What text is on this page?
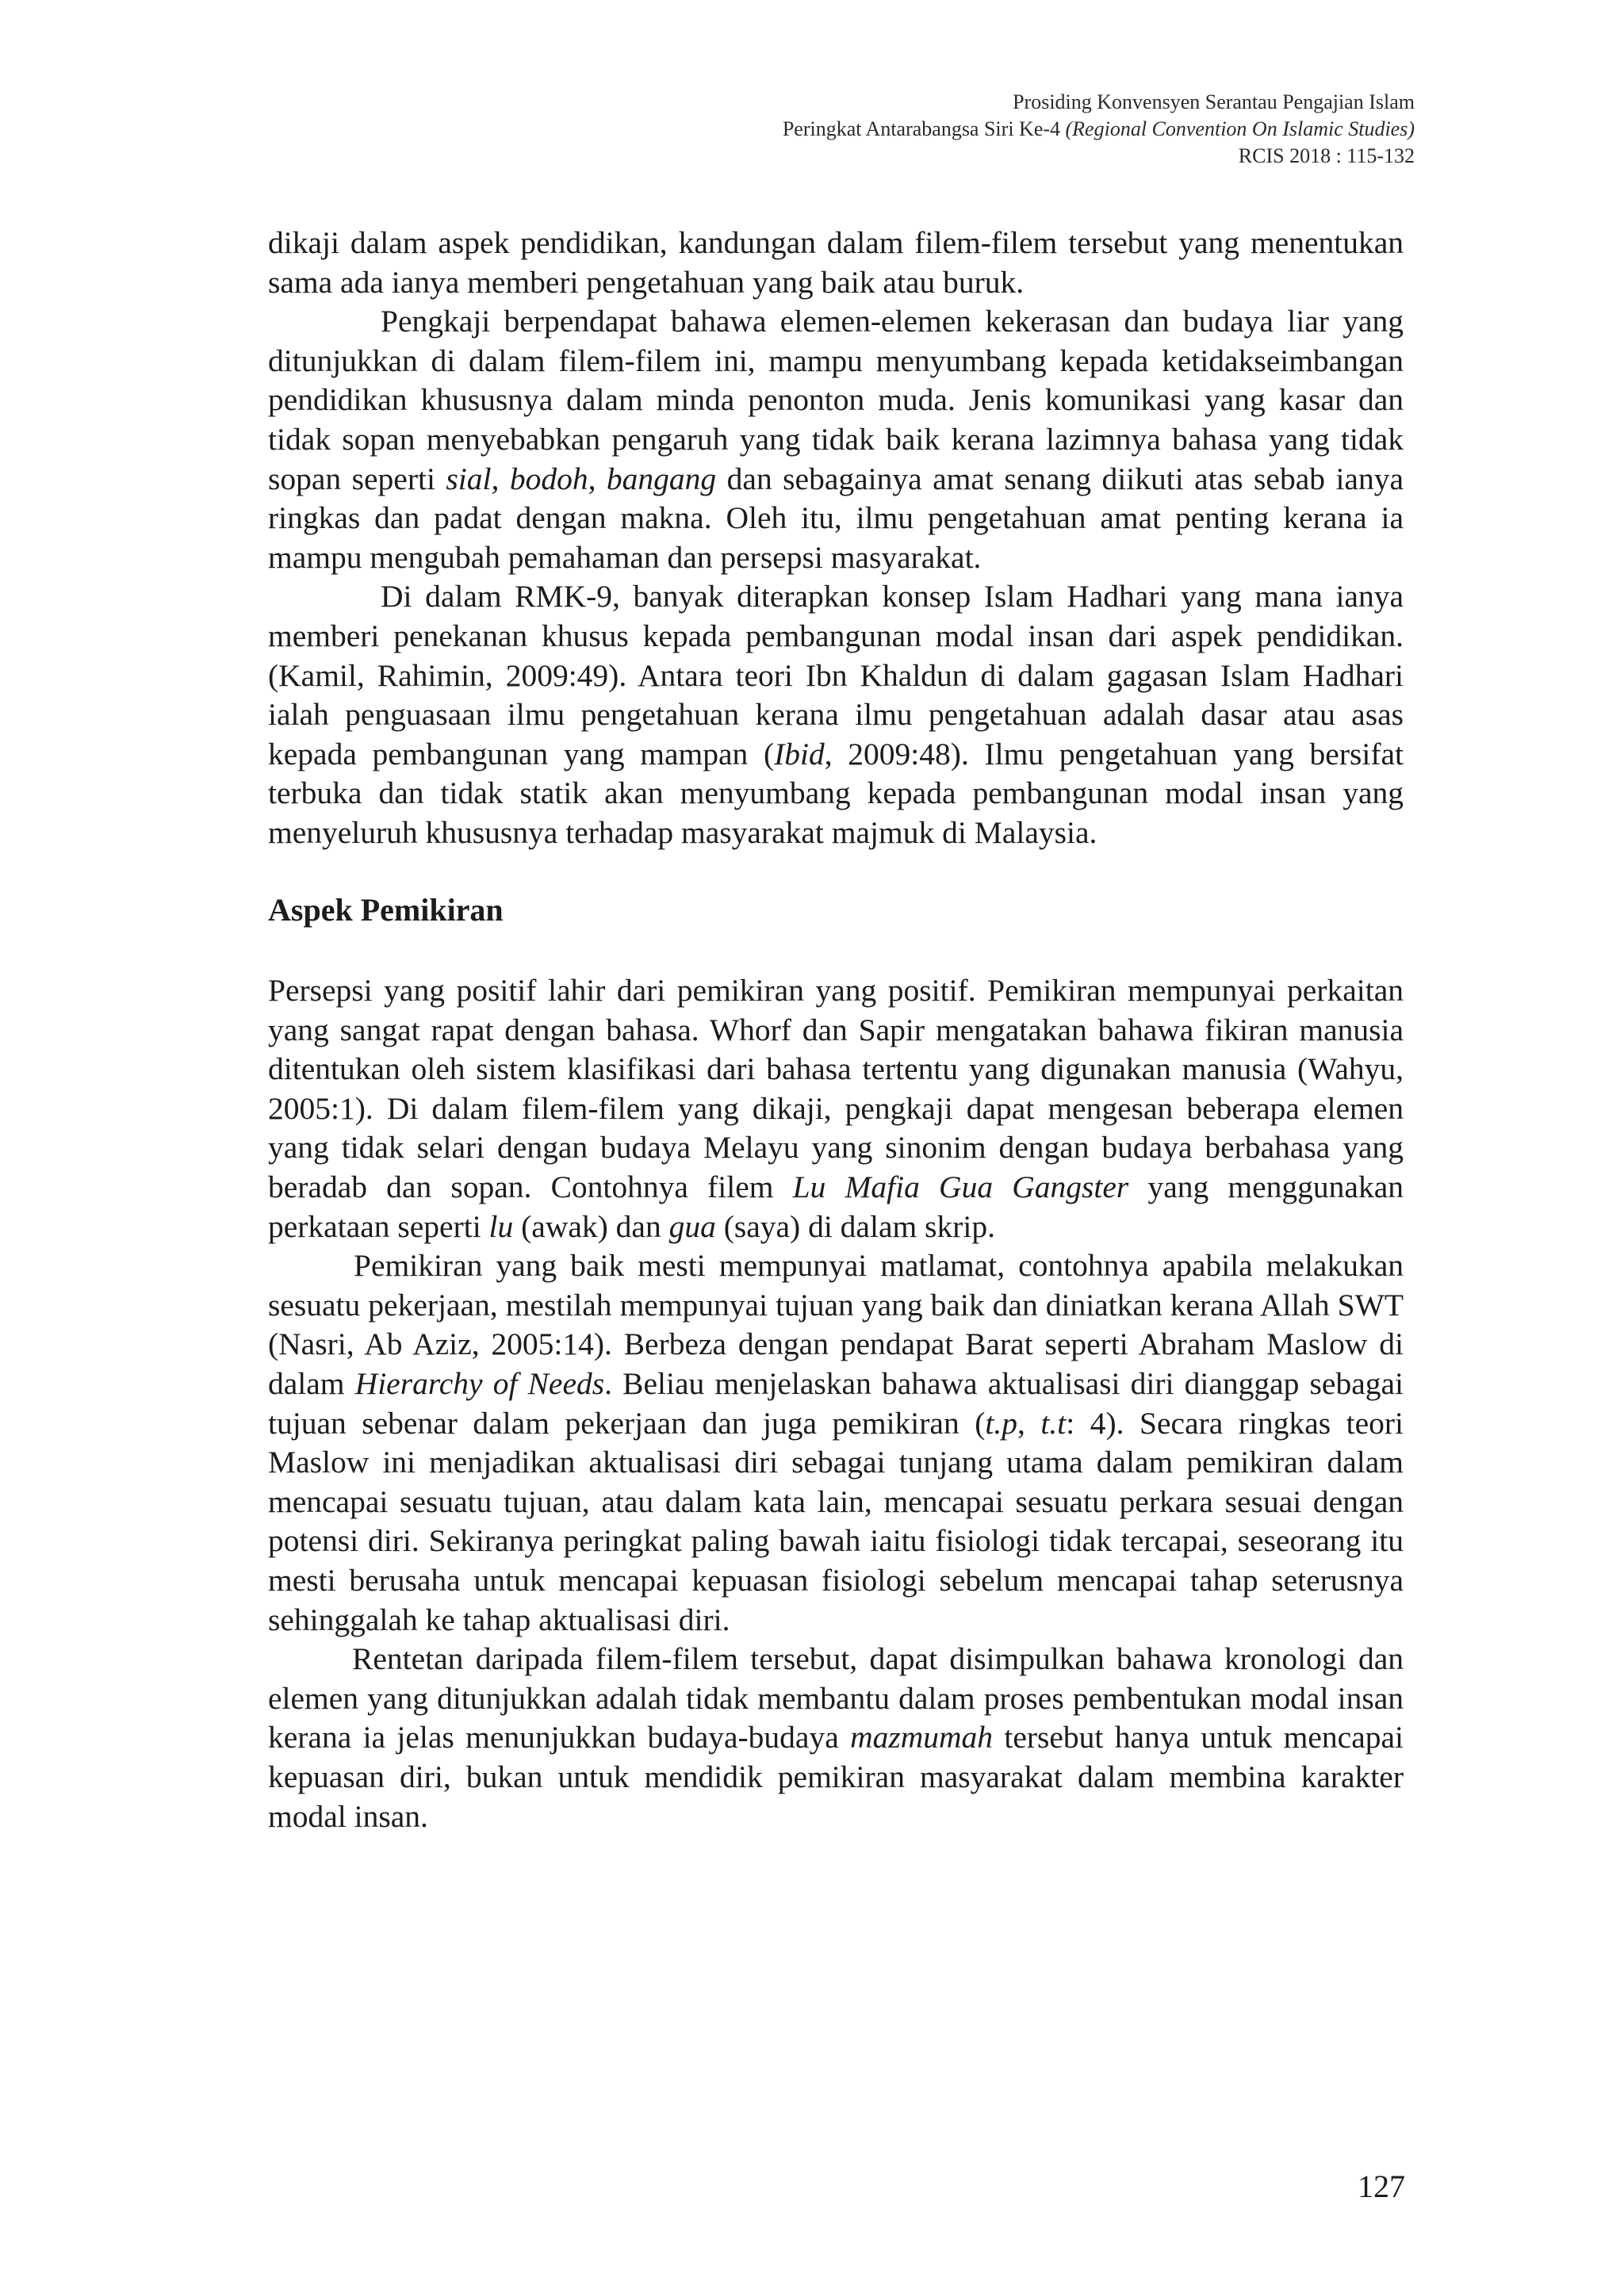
Prosiding Konvensyen Serantau Pengajian Islam
Peringkat Antarabangsa Siri Ke-4 (Regional Convention On Islamic Studies)
RCIS 2018 : 115-132

dikaji dalam aspek pendidikan, kandungan dalam filem-filem tersebut yang menentukan sama ada ianya memberi pengetahuan yang baik atau buruk.

Pengkaji berpendapat bahawa elemen-elemen kekerasan dan budaya liar yang ditunjukkan di dalam filem-filem ini, mampu menyumbang kepada ketidakseimbangan pendidikan khususnya dalam minda penonton muda. Jenis komunikasi yang kasar dan tidak sopan menyebabkan pengaruh yang tidak baik kerana lazimnya bahasa yang tidak sopan seperti sial, bodoh, bangang dan sebagainya amat senang diikuti atas sebab ianya ringkas dan padat dengan makna. Oleh itu, ilmu pengetahuan amat penting kerana ia mampu mengubah pemahaman dan persepsi masyarakat.

Di dalam RMK-9, banyak diterapkan konsep Islam Hadhari yang mana ianya memberi penekanan khusus kepada pembangunan modal insan dari aspek pendidikan. (Kamil, Rahimin, 2009:49). Antara teori Ibn Khaldun di dalam gagasan Islam Hadhari ialah penguasaan ilmu pengetahuan kerana ilmu pengetahuan adalah dasar atau asas kepada pembangunan yang mampan (Ibid, 2009:48). Ilmu pengetahuan yang bersifat terbuka dan tidak statik akan menyumbang kepada pembangunan modal insan yang menyeluruh khususnya terhadap masyarakat majmuk di Malaysia.

Aspek Pemikiran

Persepsi yang positif lahir dari pemikiran yang positif. Pemikiran mempunyai perkaitan yang sangat rapat dengan bahasa. Whorf dan Sapir mengatakan bahawa fikiran manusia ditentukan oleh sistem klasifikasi dari bahasa tertentu yang digunakan manusia (Wahyu, 2005:1). Di dalam filem-filem yang dikaji, pengkaji dapat mengesan beberapa elemen yang tidak selari dengan budaya Melayu yang sinonim dengan budaya berbahasa yang beradab dan sopan. Contohnya filem Lu Mafia Gua Gangster yang menggunakan perkataan seperti lu (awak) dan gua (saya) di dalam skrip.

Pemikiran yang baik mesti mempunyai matlamat, contohnya apabila melakukan sesuatu pekerjaan, mestilah mempunyai tujuan yang baik dan diniatkan kerana Allah SWT (Nasri, Ab Aziz, 2005:14). Berbeza dengan pendapat Barat seperti Abraham Maslow di dalam Hierarchy of Needs. Beliau menjelaskan bahawa aktualisasi diri dianggap sebagai tujuan sebenar dalam pekerjaan dan juga pemikiran (t.p, t.t: 4). Secara ringkas teori Maslow ini menjadikan aktualisasi diri sebagai tunjang utama dalam pemikiran dalam mencapai sesuatu tujuan, atau dalam kata lain, mencapai sesuatu perkara sesuai dengan potensi diri. Sekiranya peringkat paling bawah iaitu fisiologi tidak tercapai, seseorang itu mesti berusaha untuk mencapai kepuasan fisiologi sebelum mencapai tahap seterusnya sehinggalah ke tahap aktualisasi diri.

Rentetan daripada filem-filem tersebut, dapat disimpulkan bahawa kronologi dan elemen yang ditunjukkan adalah tidak membantu dalam proses pembentukan modal insan kerana ia jelas menunjukkan budaya-budaya mazmumah tersebut hanya untuk mencapai kepuasan diri, bukan untuk mendidik pemikiran masyarakat dalam membina karakter modal insan.

127
